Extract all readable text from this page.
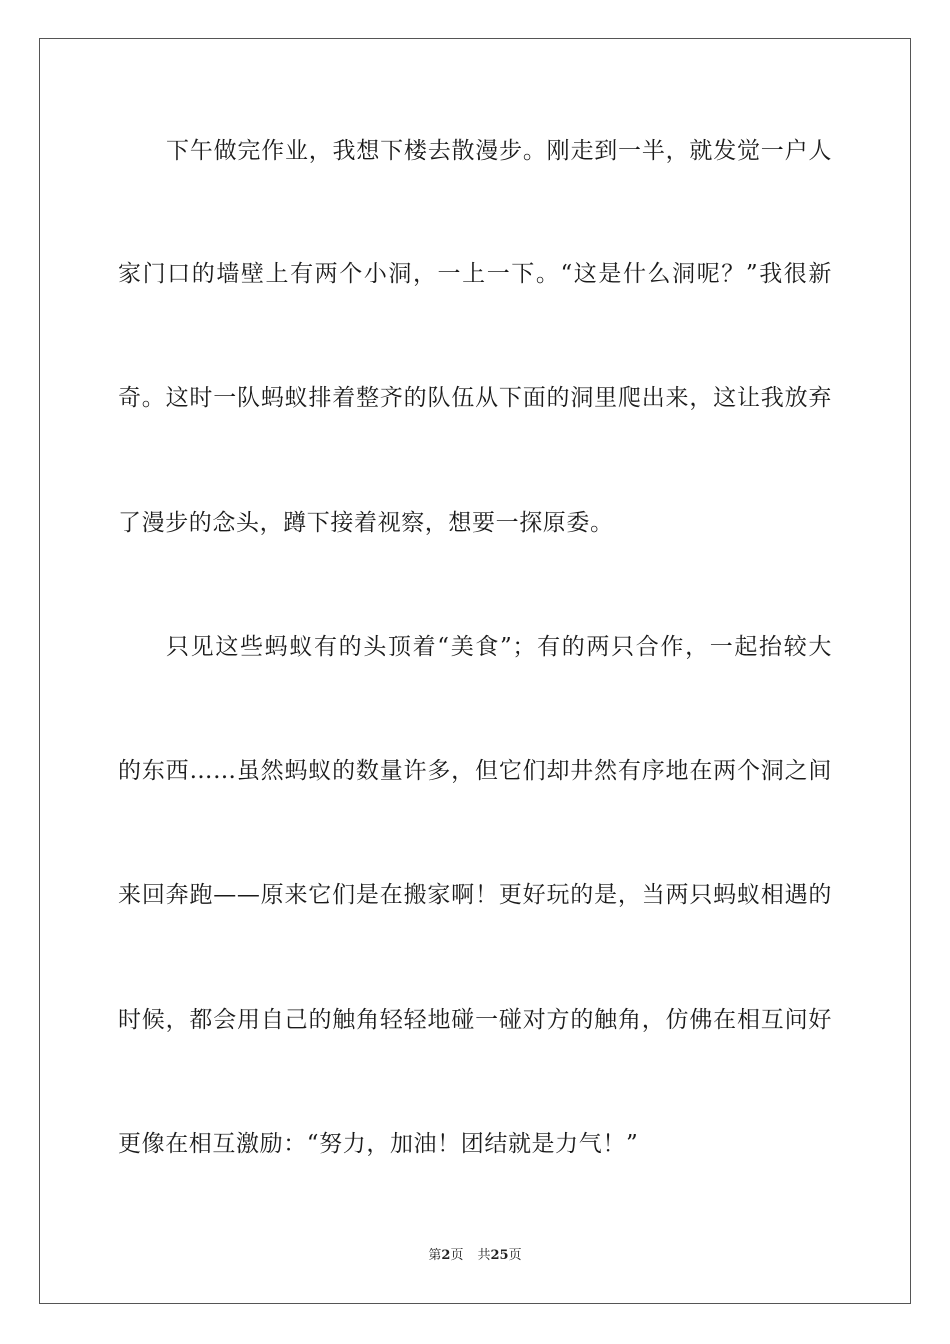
下午做完作业，我想下楼去散漫步。刚走到一半，就发觉一户人
家门口的墙壁上有两个小洞，一上一下。“这是什么洞呢？”我很新
奇。这时一队蚂蚁排着整齐的队伍从下面的洞里爬出来，这让我放弃
了漫步的念头，蹲下接着视察，想要一探原委。
只见这些蚂蚁有的头顶着“美食”；有的两只合作，一起抬较大
的东西……虽然蚂蚁的数量许多，但它们却井然有序地在两个洞之间
来回奔跑——原来它们是在搬家啊！更好玩的是，当两只蚂蚁相遇的
时候，都会用自己的触角轻轻地碰一碰对方的触角，仿佛在相互问好
更像在相互激励：“努力，加油！团结就是力气！”
第2页 共25页
